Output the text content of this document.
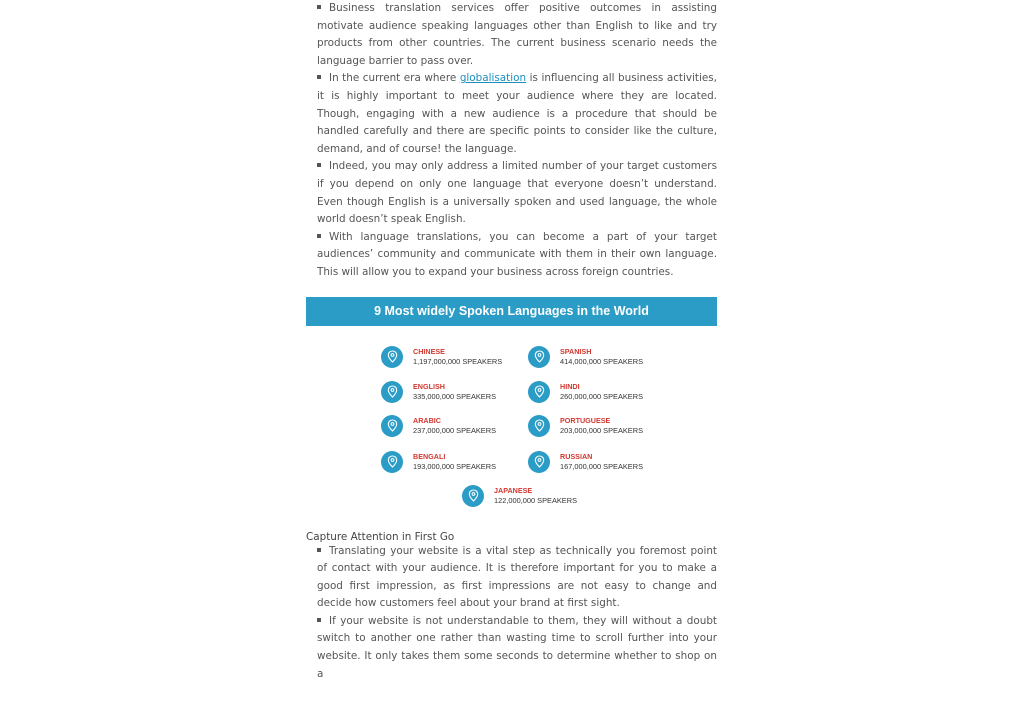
Business translation services offer positive outcomes in assisting motivate audience speaking languages other than English to like and try products from other countries. The current business scenario needs the language barrier to pass over.
In the current era where globalisation is influencing all business activities, it is highly important to meet your audience where they are located. Though, engaging with a new audience is a procedure that should be handled carefully and there are specific points to consider like the culture, demand, and of course! the language.
Indeed, you may only address a limited number of your target customers if you depend on only one language that everyone doesn’t understand. Even though English is a universally spoken and used language, the whole world doesn’t speak English.
With language translations, you can become a part of your target audiences’ community and communicate with them in their own language. This will allow you to expand your business across foreign countries.
9 Most widely Spoken Languages in the World
CHINESE
1,197,000,000 SPEAKERS
SPANISH
414,000,000 SPEAKERS
ENGLISH
335,000,000 SPEAKERS
HINDI
260,000,000 SPEAKERS
ARABIC
237,000,000 SPEAKERS
PORTUGUESE
203,000,000 SPEAKERS
BENGALI
193,000,000 SPEAKERS
RUSSIAN
167,000,000 SPEAKERS
JAPANESE
122,000,000 SPEAKERS
Capture Attention in First Go
Translating your website is a vital step as technically you foremost point of contact with your audience. It is therefore important for you to make a good first impression, as first impressions are not easy to change and decide how customers feel about your brand at first sight.
If your website is not understandable to them, they will without a doubt switch to another one rather than wasting time to scroll further into your website. It only takes them some seconds to determine whether to shop on a
